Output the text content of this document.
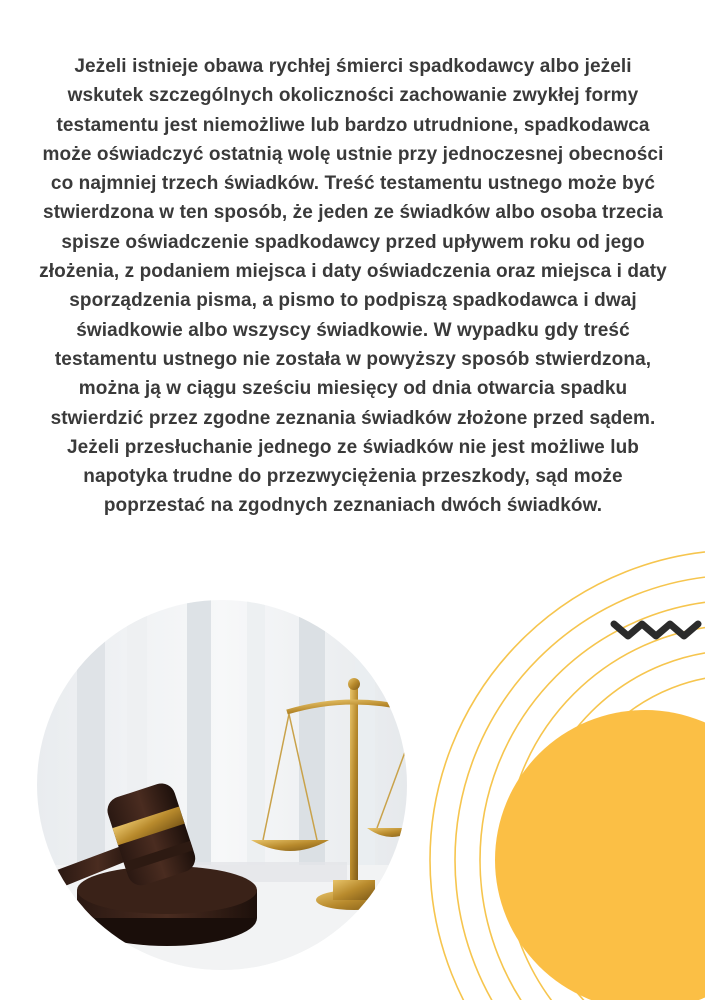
Jeżeli istnieje obawa rychłej śmierci spadkodawcy albo jeżeli wskutek szczególnych okoliczności zachowanie zwykłej formy testamentu jest niemożliwe lub bardzo utrudnione, spadkodawca może oświadczyć ostatnią wolę ustnie przy jednoczesnej obecności co najmniej trzech świadków. Treść testamentu ustnego może być stwierdzona w ten sposób, że jeden ze świadków albo osoba trzecia spisze oświadczenie spadkodawcy przed upływem roku od jego złożenia, z podaniem miejsca i daty oświadczenia oraz miejsca i daty sporządzenia pisma, a pismo to podpiszą spadkodawca i dwaj świadkowie albo wszyscy świadkowie. W wypadku gdy treść testamentu ustnego nie została w powyższy sposób stwierdzona, można ją w ciągu sześciu miesięcy od dnia otwarcia spadku stwierdzić przez zgodne zeznania świadków złożone przed sądem. Jeżeli przesłuchanie jednego ze świadków nie jest możliwe lub napotyka trudne do przezwyciężenia przeszkody, sąd może poprzestać na zgodnych zeznaniach dwóch świadków.
